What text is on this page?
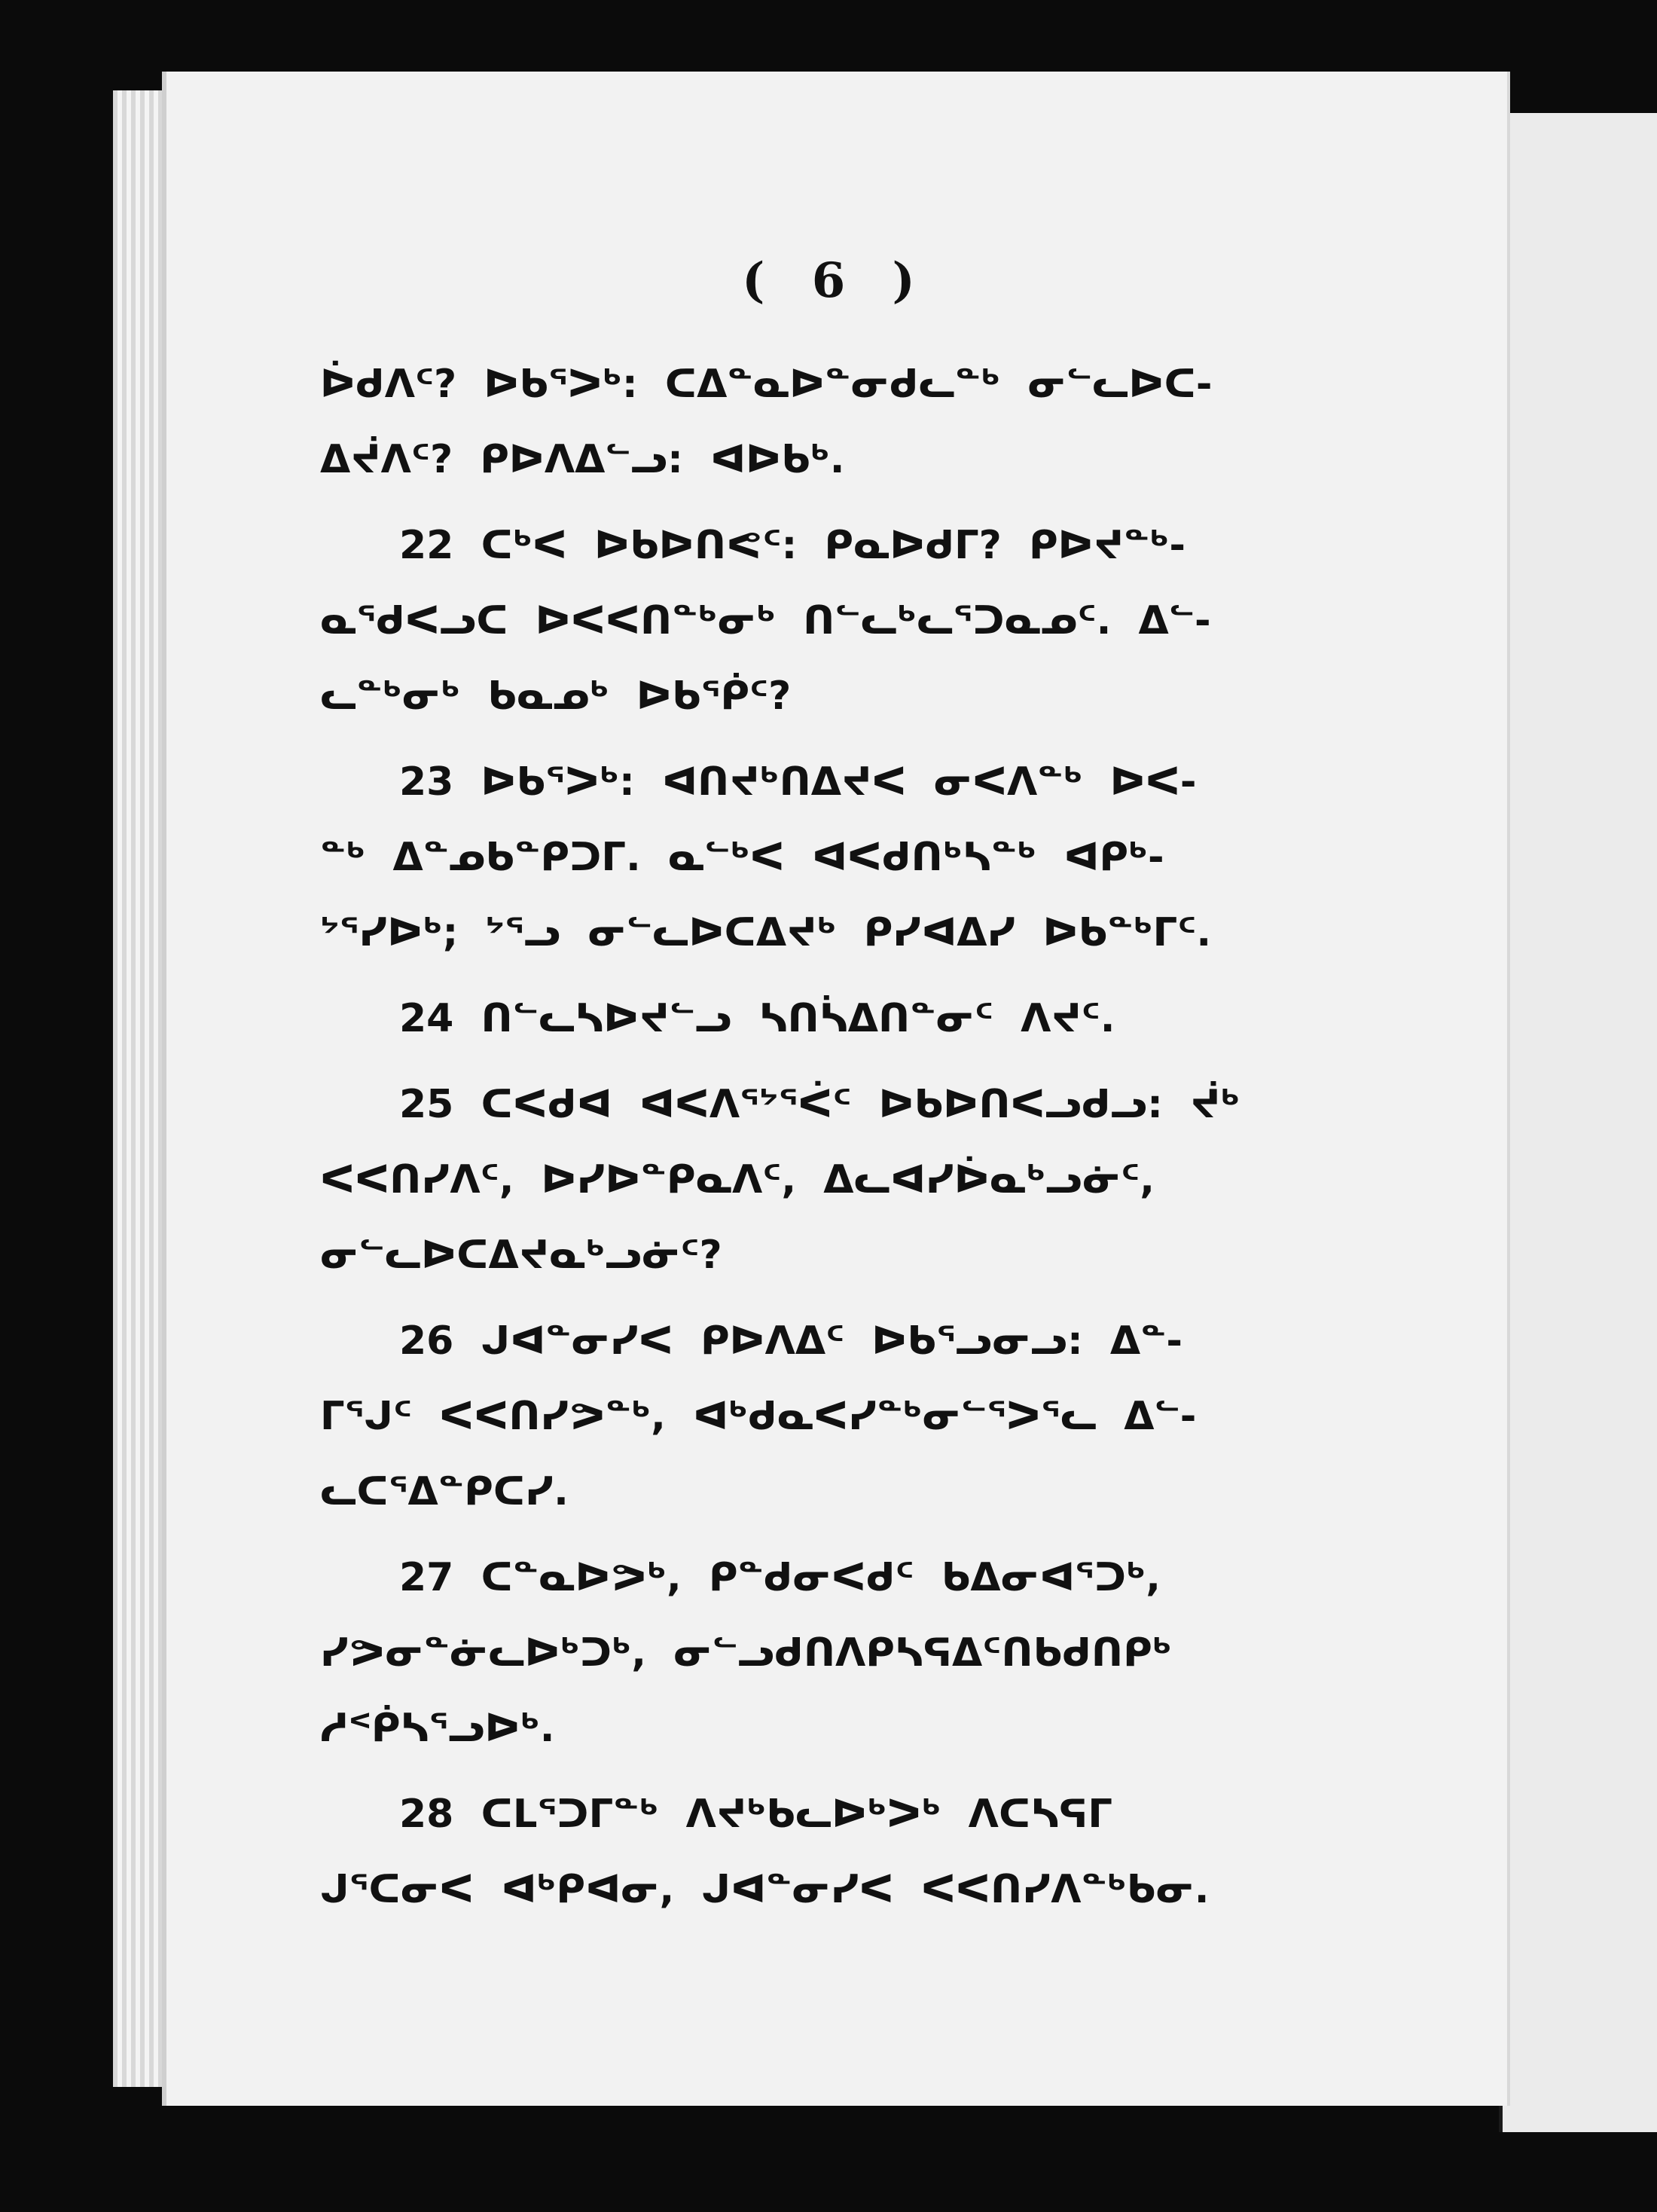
( 6 )
ᐆᑯᐱᑦ? ᐅᑲᕐᐳᒃ: ᑕᐃᓐᓇᐅᓐᓂᑯᓚᓐᒃ ᓂᓪᓚᐅᑕ-
ᐃᔫᐱᑦ? ᑭᐅᐱᐃᓪᓗ: ᐊᐅᑲᒃ.
22 ᑕᒃᐸ ᐅᑲᐅᑎᕙᑦ: ᑭᓇᐅᑯᒥ? ᑭᐅᔪᓐᒃ-
ᓇᕐᑯᐸᓗᑕ ᐅᐸᐸᑎᓐᒃᓂᒃ ᑎᓪᓚᒃᓚᕐᑐᓇᓄᑦ. ᐃᓪ-
ᓚᓐᒃᓂᒃ ᑲᓇᓄᒃ ᐅᑲᕐᑮᑦ?
23 ᐅᑲᕐᐳᒃ: ᐊᑎᔪᒃᑎᐃᔪᐸ ᓂᐸᐱᓐᒃ ᐅᐸ-
ᓐᒃ ᐃᓐᓄᑲᓐᑭᑐᒥ. ᓇᓪᒃᐸ ᐊᐸᑯᑎᒃᓴᓐᒃ ᐊᑭᒃ-
ᔾᕐᓯᐅᒃ; ᔾᕐᓗ ᓂᓪᓚᐅᑕᐃᔪᒃ ᑭᓯᐊᐃᓯ ᐅᑲᓐᒃᒥᑦ.
24 ᑎᓪᓚᓴᐅᔪᓪᓗ ᓴᑎᓵᐃᑎᓐᓂᑦ ᐱᔪᑦ.
25 ᑕᐸᑯᐊ ᐊᐸᐱᕐᔾᕐᐹᑦ ᐅᑲᐅᑎᐸᓗᑯᓗ: ᔫᒃ
ᐸᐸᑎᓯᐱᑦ, ᐅᓯᐅᓐᑭᓇᐱᑦ, ᐃᓚᐊᓯᐆᓇᒃᓗᓃᑦ,
ᓂᓪᓚᐅᑕᐃᔪᓇᒃᓗᓃᑦ?
26 ᒍᐊᓐᓂᓯᐸ ᑭᐅᐱᐃᑦ ᐅᑲᕐᓗᓂᓗ: ᐃᓐ-
ᒥᕐᒍᑦ ᐸᐸᑎᓯᕗᓐᒃ, ᐊᒃᑯᓇᐸᓯᓐᒃᓂᓪᕐᐳᕐᓚ ᐃᓪ-
ᓚᑕᕐᐃᓐᑭᑕᓯ.
27 ᑕᓐᓇᐅᕗᒃ, ᑭᓐᑯᓂᐸᑯᑦ ᑲᐃᓂᐊᕐᑐᒃ,
ᓯᕗᓂᓐᓃᓚᐅᒃᑐᒃ, ᓂᓪᓗᑯᑎᐱᑭᓴᕋᐃᑦᑎᑲᑯᑎᑭᒃ
ᓱᑉᑮᓴᕐᓗᐅᒃ.
28 ᑕᒪᕐᑐᒥᓐᒃ ᐱᔪᒃᑲᓚᐅᒃᐳᒃ ᐱᑕᓴᕋᒥ
ᒍᕐᑕᓂᐸ ᐊᒃᑭᐊᓂ, ᒍᐊᓐᓂᓯᐸ ᐸᐸᑎᓯᐱᓐᒃᑲᓂ.
